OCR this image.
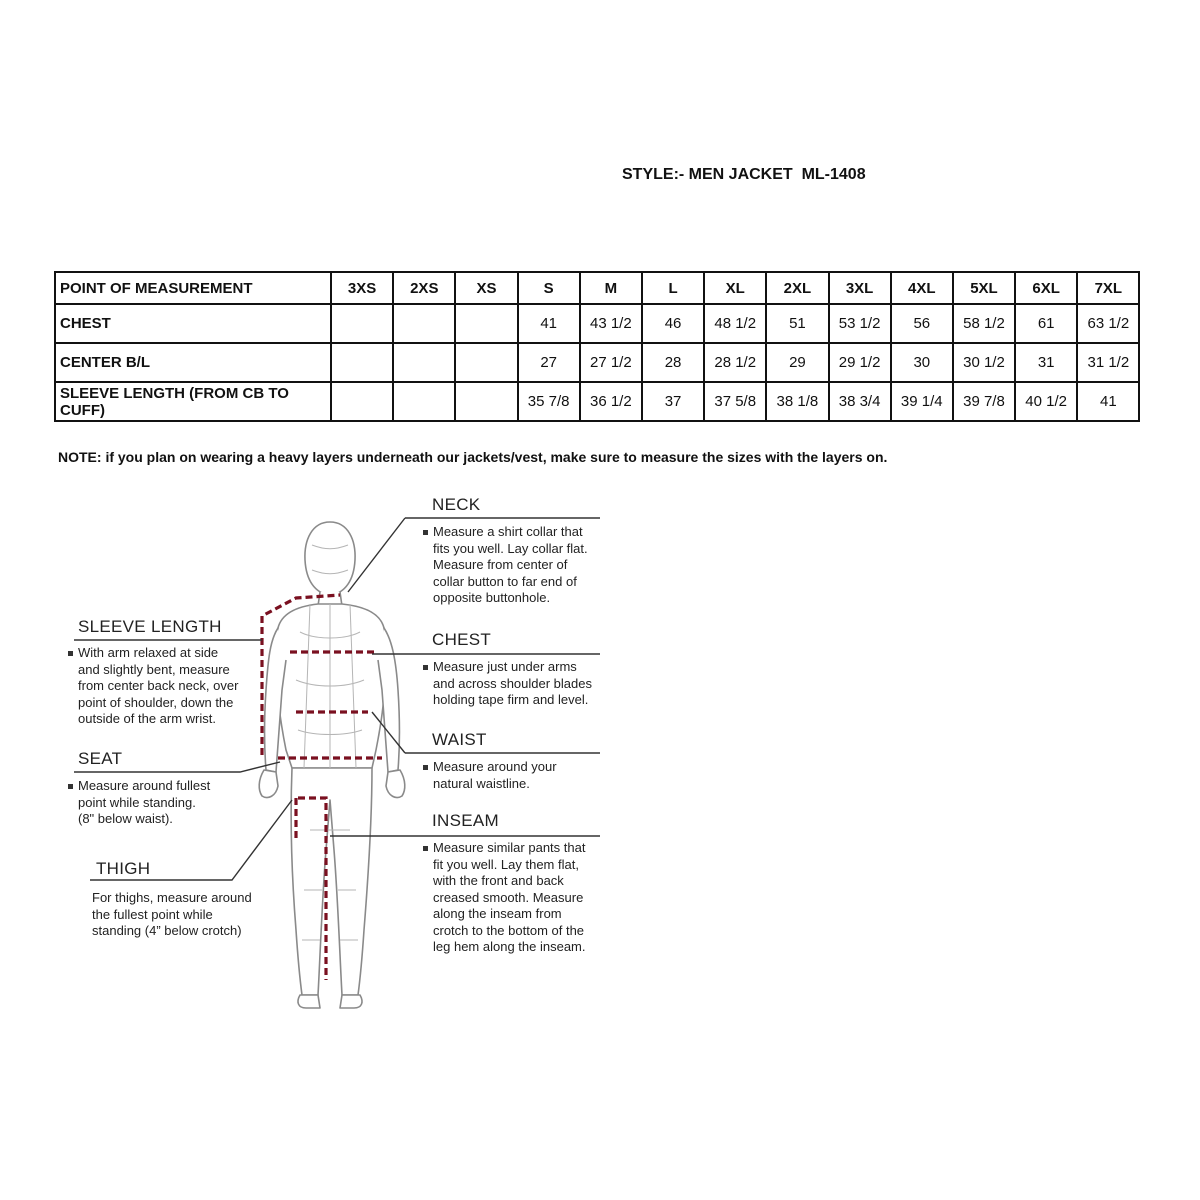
STYLE:- MEN JACKET  ML-1408
POINT OF MEASUREMENT	3XS	2XS	XS	S	M	L	XL	2XL	3XL	4XL	5XL	6XL	7XL
CHEST				41	43 1/2	46	48 1/2	51	53 1/2	56	58 1/2	61	63 1/2
CENTER B/L				27	27 1/2	28	28 1/2	29	29 1/2	30	30 1/2	31	31 1/2
SLEEVE LENGTH (FROM CB TO CUFF)				35 7/8	36 1/2	37	37 5/8	38 1/8	38 3/4	39 1/4	39 7/8	40 1/2	41
NOTE: if you plan on wearing a heavy layers underneath our jackets/vest, make sure to measure the sizes with the layers on.
NECK
Measure a shirt collar that
fits you well. Lay collar flat.
Measure from center of
collar button to far end of
opposite buttonhole.
CHEST
Measure just under arms
and across shoulder blades
holding tape firm and level.
WAIST
Measure around your
natural waistline.
INSEAM
Measure similar pants that
fit you well. Lay them flat,
with the front and back
creased smooth. Measure
along the inseam from
crotch to the bottom of the
leg hem along the inseam.
SLEEVE LENGTH
With arm relaxed at side
and slightly bent, measure
from center back neck, over
point of shoulder, down the
outside of the arm wrist.
SEAT
Measure around fullest
point while standing.
(8" below waist).
THIGH
For thighs, measure around
the fullest point while
standing (4” below crotch)
